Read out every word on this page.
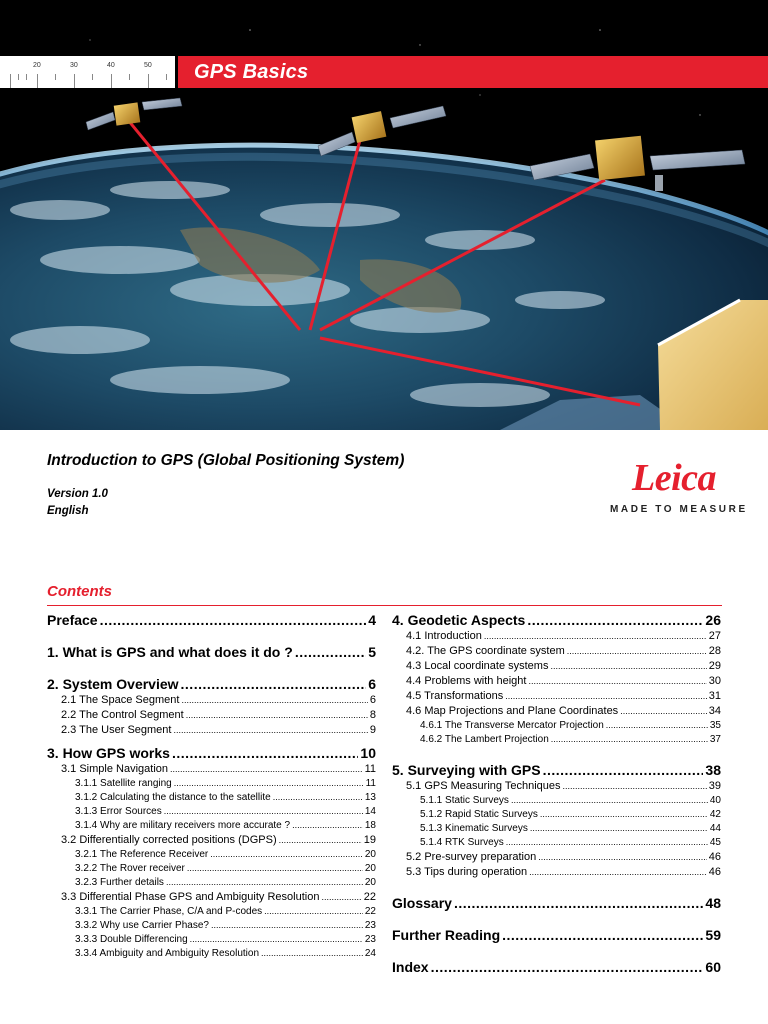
20	30	40	50 GPS Basics
Introduction to GPS (Global Positioning System)
Version 1.0
English
Leica
MADE TO MEASURE
Contents
Preface .....	4
1. What is GPS and what does it do ? .....	5
2. System Overview .....	6
2.1 The Space Segment .....	6
2.2 The Control Segment .....	8
2.3 The User Segment .....	9
3. How GPS works .....	10
3.1 Simple Navigation .....	11
3.1.1 Satellite ranging .....	11
3.1.2 Calculating the distance to the satellite .....	13
3.1.3 Error Sources .....	14
3.1.4 Why are military receivers more accurate ? .....	18
3.2 Differentially corrected positions (DGPS) .....	19
3.2.1 The Reference Receiver .....	20
3.2.2 The Rover receiver .....	20
3.2.3 Further details .....	20
3.3 Differential Phase GPS and Ambiguity Resolution .....	22
3.3.1 The Carrier Phase, C/A and P-codes .....	22
3.3.2 Why use Carrier Phase? .....	23
3.3.3 Double Differencing .....	23
3.3.4 Ambiguity and Ambiguity Resolution .....	24
4. Geodetic Aspects .....	26
4.1 Introduction .....	27
4.2. The GPS coordinate system .....	28
4.3 Local coordinate systems .....	29
4.4 Problems with height .....	30
4.5 Transformations .....	31
4.6 Map Projections and Plane Coordinates .....	34
4.6.1 The Transverse Mercator Projection .....	35
4.6.2 The Lambert Projection .....	37
5. Surveying with GPS .....	38
5.1 GPS Measuring Techniques .....	39
5.1.1 Static Surveys .....	40
5.1.2 Rapid Static Surveys .....	42
5.1.3 Kinematic Surveys .....	44
5.1.4 RTK Surveys .....	45
5.2 Pre-survey preparation .....	46
5.3 Tips during operation .....	46
Glossary .....	48
Further Reading .....	59
Index .....	60
